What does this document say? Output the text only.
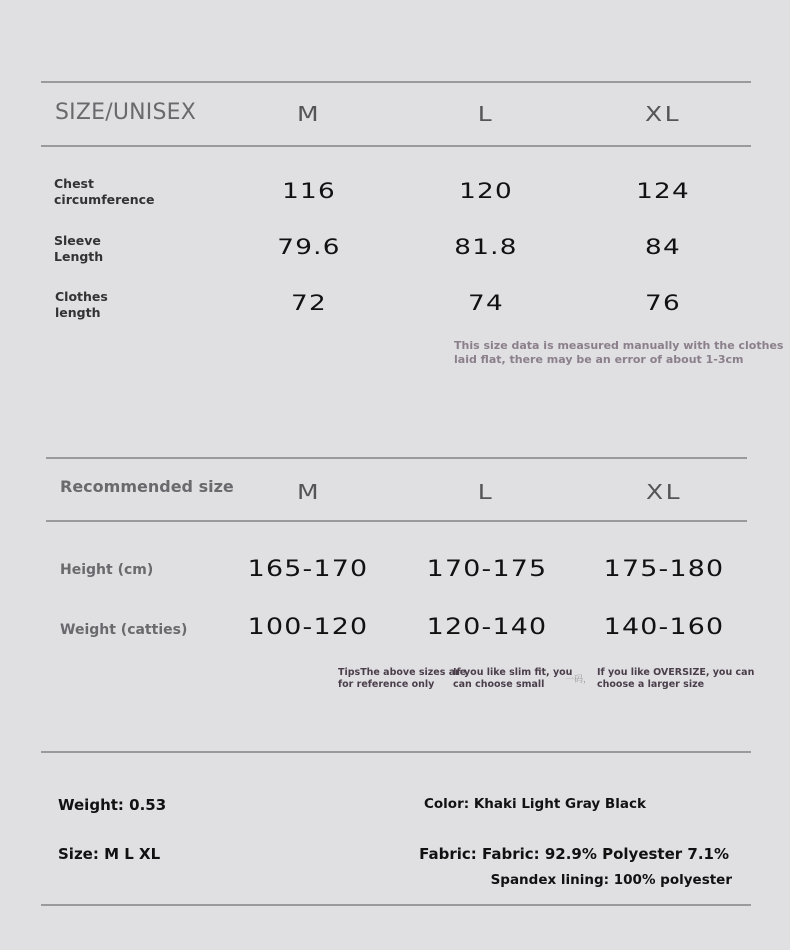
SIZE/UNISEX	M	L	XL
Chest
circumference	116	120	124
Sleeve
Length	79.6	81.8	84
Clothes
length	72	74	76
This size data is measured manually with the clothes
laid flat, there may be an error of about 1-3cm
Recommended size	M	L	XL
Height (cm)	165-170	170-175	175-180
Weight (catties)	100-120	120-140	140-160
TipsThe above sizes are
for reference only
If you like slim fit, you
can choose small	一码，
If you like OVERSIZE, you can
choose a larger size
Weight: 0.53	Color: Khaki Light Gray Black
Size: M L XL	Fabric: Fabric: 92.9% Polyester 7.1%
Spandex lining: 100% polyester
